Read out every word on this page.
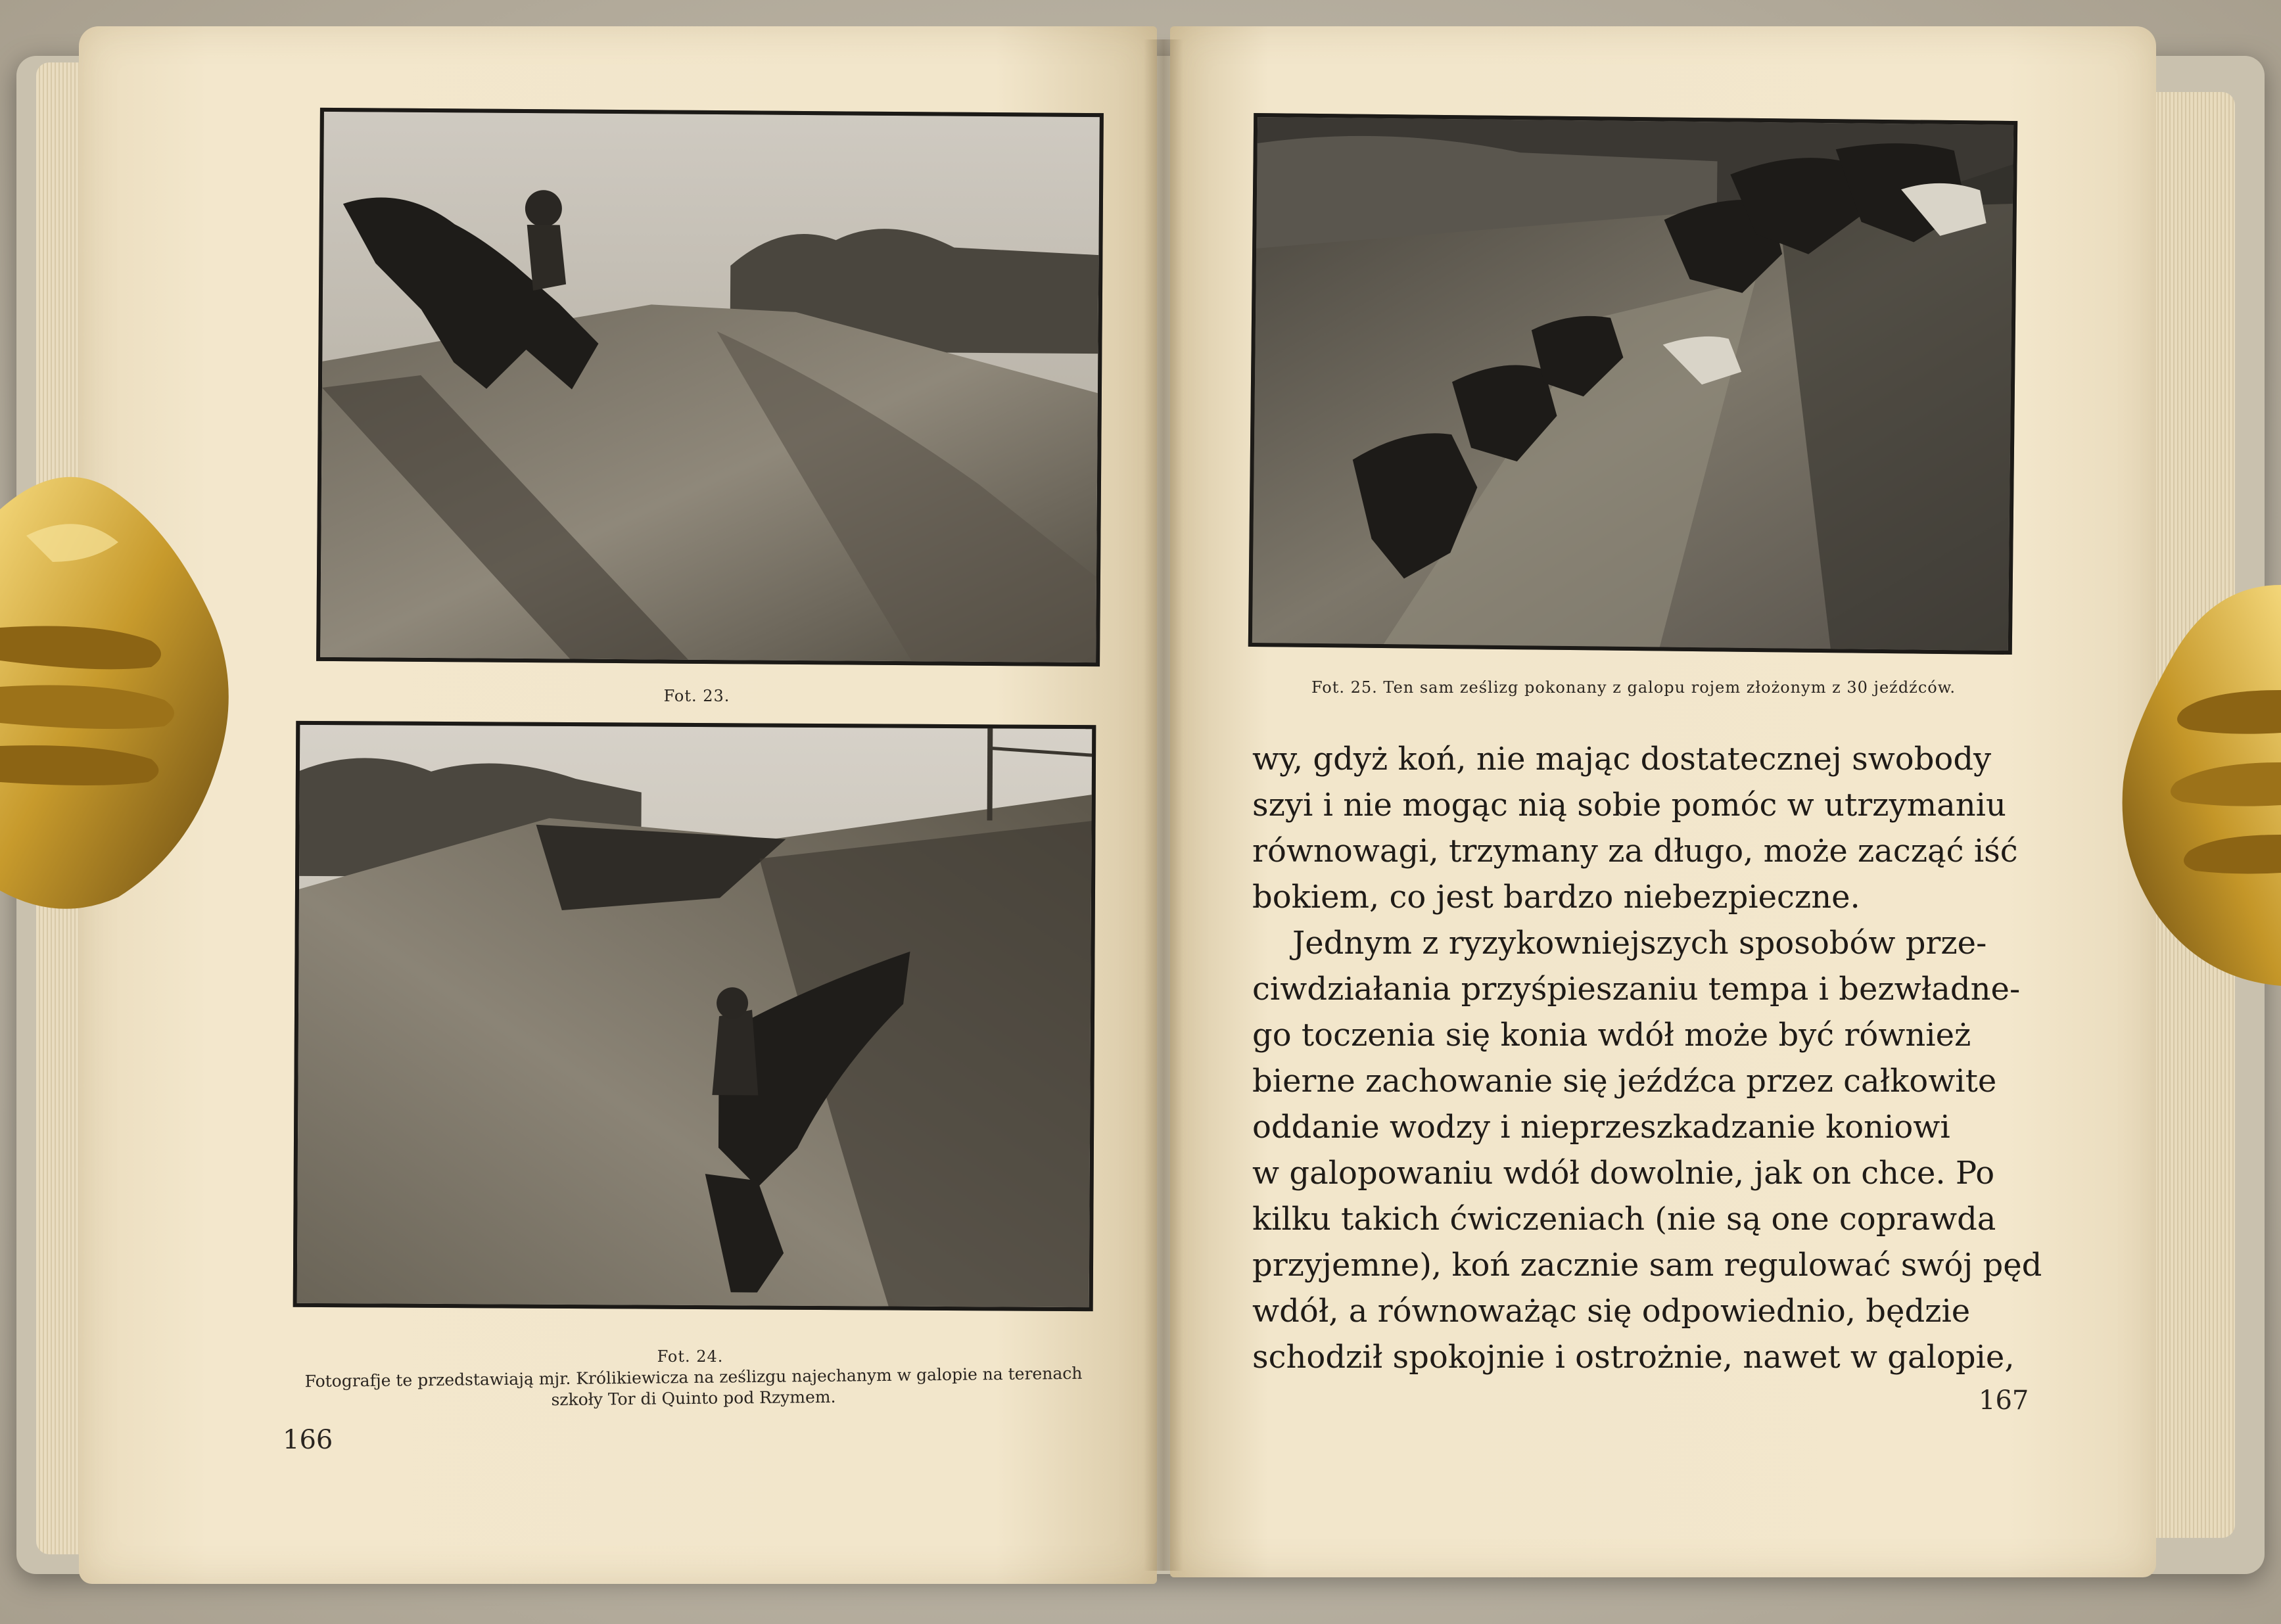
Fot. 23.
Fot. 24.
Fotografje te przedstawiają mjr. Królikiewicza na ześlizgu najechanym w galopie na terenach
szkoły Tor di Quinto pod Rzymem.
166
Fot. 25. Ten sam ześlizg pokonany z galopu rojem złożonym z 30 jeźdźców.
wy, gdyż koń, nie mając dostatecznej swobody
szyi i nie mogąc nią sobie pomóc w utrzymaniu
równowagi, trzymany za długo, może zacząć iść
bokiem, co jest bardzo niebezpieczne.
Jednym z ryzykowniejszych sposobów prze-
ciwdziałania przyśpieszaniu tempa i bezwładne-
go toczenia się konia wdół może być również
bierne zachowanie się jeźdźca przez całkowite
oddanie wodzy i nieprzeszkadzanie koniowi
w galopowaniu wdół dowolnie, jak on chce. Po
kilku takich ćwiczeniach (nie są one coprawda
przyjemne), koń zacznie sam regulować swój pęd
wdół, a równoważąc się odpowiednio, będzie
schodził spokojnie i ostrożnie, nawet w galopie,
167
